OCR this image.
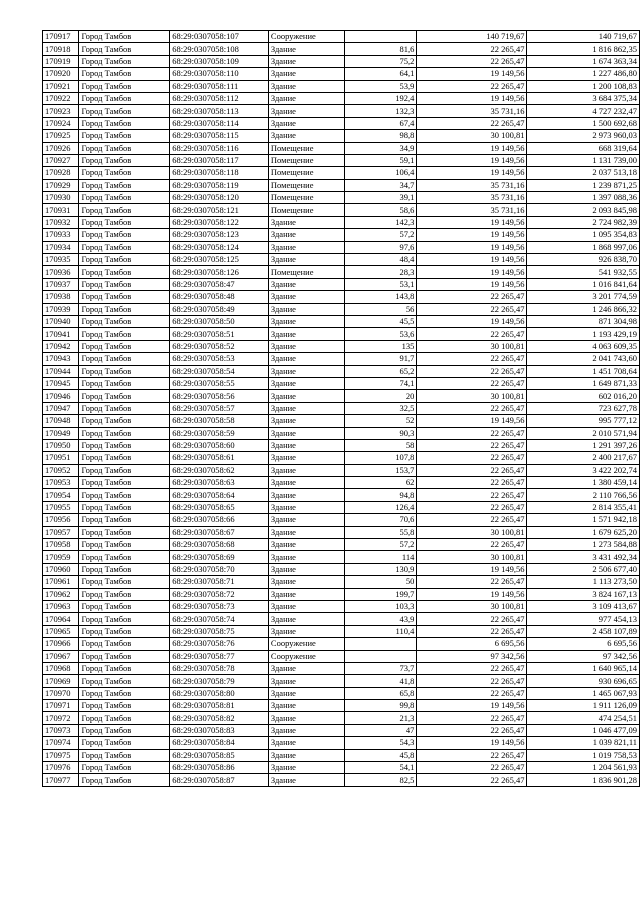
170917	Город Тамбов	68:29:0307058:107	Сооружение		140 719,67	140 719,67
170918	Город Тамбов	68:29:0307058:108	Здание	81,6	22 265,47	1 816 862,35
170919	Город Тамбов	68:29:0307058:109	Здание	75,2	22 265,47	1 674 363,34
170920	Город Тамбов	68:29:0307058:110	Здание	64,1	19 149,56	1 227 486,80
170921	Город Тамбов	68:29:0307058:111	Здание	53,9	22 265,47	1 200 108,83
170922	Город Тамбов	68:29:0307058:112	Здание	192,4	19 149,56	3 684 375,34
170923	Город Тамбов	68:29:0307058:113	Здание	132,3	35 731,16	4 727 232,47
170924	Город Тамбов	68:29:0307058:114	Здание	67,4	22 265,47	1 500 692,68
170925	Город Тамбов	68:29:0307058:115	Здание	98,8	30 100,81	2 973 960,03
170926	Город Тамбов	68:29:0307058:116	Помещение	34,9	19 149,56	668 319,64
170927	Город Тамбов	68:29:0307058:117	Помещение	59,1	19 149,56	1 131 739,00
170928	Город Тамбов	68:29:0307058:118	Помещение	106,4	19 149,56	2 037 513,18
170929	Город Тамбов	68:29:0307058:119	Помещение	34,7	35 731,16	1 239 871,25
170930	Город Тамбов	68:29:0307058:120	Помещение	39,1	35 731,16	1 397 088,36
170931	Город Тамбов	68:29:0307058:121	Помещение	58,6	35 731,16	2 093 845,98
170932	Город Тамбов	68:29:0307058:122	Здание	142,3	19 149,56	2 724 982,39
170933	Город Тамбов	68:29:0307058:123	Здание	57,2	19 149,56	1 095 354,83
170934	Город Тамбов	68:29:0307058:124	Здание	97,6	19 149,56	1 868 997,06
170935	Город Тамбов	68:29:0307058:125	Здание	48,4	19 149,56	926 838,70
170936	Город Тамбов	68:29:0307058:126	Помещение	28,3	19 149,56	541 932,55
170937	Город Тамбов	68:29:0307058:47	Здание	53,1	19 149,56	1 016 841,64
170938	Город Тамбов	68:29:0307058:48	Здание	143,8	22 265,47	3 201 774,59
170939	Город Тамбов	68:29:0307058:49	Здание	56	22 265,47	1 246 866,32
170940	Город Тамбов	68:29:0307058:50	Здание	45,5	19 149,56	871 304,98
170941	Город Тамбов	68:29:0307058:51	Здание	53,6	22 265,47	1 193 429,19
170942	Город Тамбов	68:29:0307058:52	Здание	135	30 100,81	4 063 609,35
170943	Город Тамбов	68:29:0307058:53	Здание	91,7	22 265,47	2 041 743,60
170944	Город Тамбов	68:29:0307058:54	Здание	65,2	22 265,47	1 451 708,64
170945	Город Тамбов	68:29:0307058:55	Здание	74,1	22 265,47	1 649 871,33
170946	Город Тамбов	68:29:0307058:56	Здание	20	30 100,81	602 016,20
170947	Город Тамбов	68:29:0307058:57	Здание	32,5	22 265,47	723 627,78
170948	Город Тамбов	68:29:0307058:58	Здание	52	19 149,56	995 777,12
170949	Город Тамбов	68:29:0307058:59	Здание	90,3	22 265,47	2 010 571,94
170950	Город Тамбов	68:29:0307058:60	Здание	58	22 265,47	1 291 397,26
170951	Город Тамбов	68:29:0307058:61	Здание	107,8	22 265,47	2 400 217,67
170952	Город Тамбов	68:29:0307058:62	Здание	153,7	22 265,47	3 422 202,74
170953	Город Тамбов	68:29:0307058:63	Здание	62	22 265,47	1 380 459,14
170954	Город Тамбов	68:29:0307058:64	Здание	94,8	22 265,47	2 110 766,56
170955	Город Тамбов	68:29:0307058:65	Здание	126,4	22 265,47	2 814 355,41
170956	Город Тамбов	68:29:0307058:66	Здание	70,6	22 265,47	1 571 942,18
170957	Город Тамбов	68:29:0307058:67	Здание	55,8	30 100,81	1 679 625,20
170958	Город Тамбов	68:29:0307058:68	Здание	57,2	22 265,47	1 273 584,88
170959	Город Тамбов	68:29:0307058:69	Здание	114	30 100,81	3 431 492,34
170960	Город Тамбов	68:29:0307058:70	Здание	130,9	19 149,56	2 506 677,40
170961	Город Тамбов	68:29:0307058:71	Здание	50	22 265,47	1 113 273,50
170962	Город Тамбов	68:29:0307058:72	Здание	199,7	19 149,56	3 824 167,13
170963	Город Тамбов	68:29:0307058:73	Здание	103,3	30 100,81	3 109 413,67
170964	Город Тамбов	68:29:0307058:74	Здание	43,9	22 265,47	977 454,13
170965	Город Тамбов	68:29:0307058:75	Здание	110,4	22 265,47	2 458 107,89
170966	Город Тамбов	68:29:0307058:76	Сооружение		6 695,56	6 695,56
170967	Город Тамбов	68:29:0307058:77	Сооружение		97 342,56	97 342,56
170968	Город Тамбов	68:29:0307058:78	Здание	73,7	22 265,47	1 640 965,14
170969	Город Тамбов	68:29:0307058:79	Здание	41,8	22 265,47	930 696,65
170970	Город Тамбов	68:29:0307058:80	Здание	65,8	22 265,47	1 465 067,93
170971	Город Тамбов	68:29:0307058:81	Здание	99,8	19 149,56	1 911 126,09
170972	Город Тамбов	68:29:0307058:82	Здание	21,3	22 265,47	474 254,51
170973	Город Тамбов	68:29:0307058:83	Здание	47	22 265,47	1 046 477,09
170974	Город Тамбов	68:29:0307058:84	Здание	54,3	19 149,56	1 039 821,11
170975	Город Тамбов	68:29:0307058:85	Здание	45,8	22 265,47	1 019 758,53
170976	Город Тамбов	68:29:0307058:86	Здание	54,1	22 265,47	1 204 561,93
170977	Город Тамбов	68:29:0307058:87	Здание	82,5	22 265,47	1 836 901,28
